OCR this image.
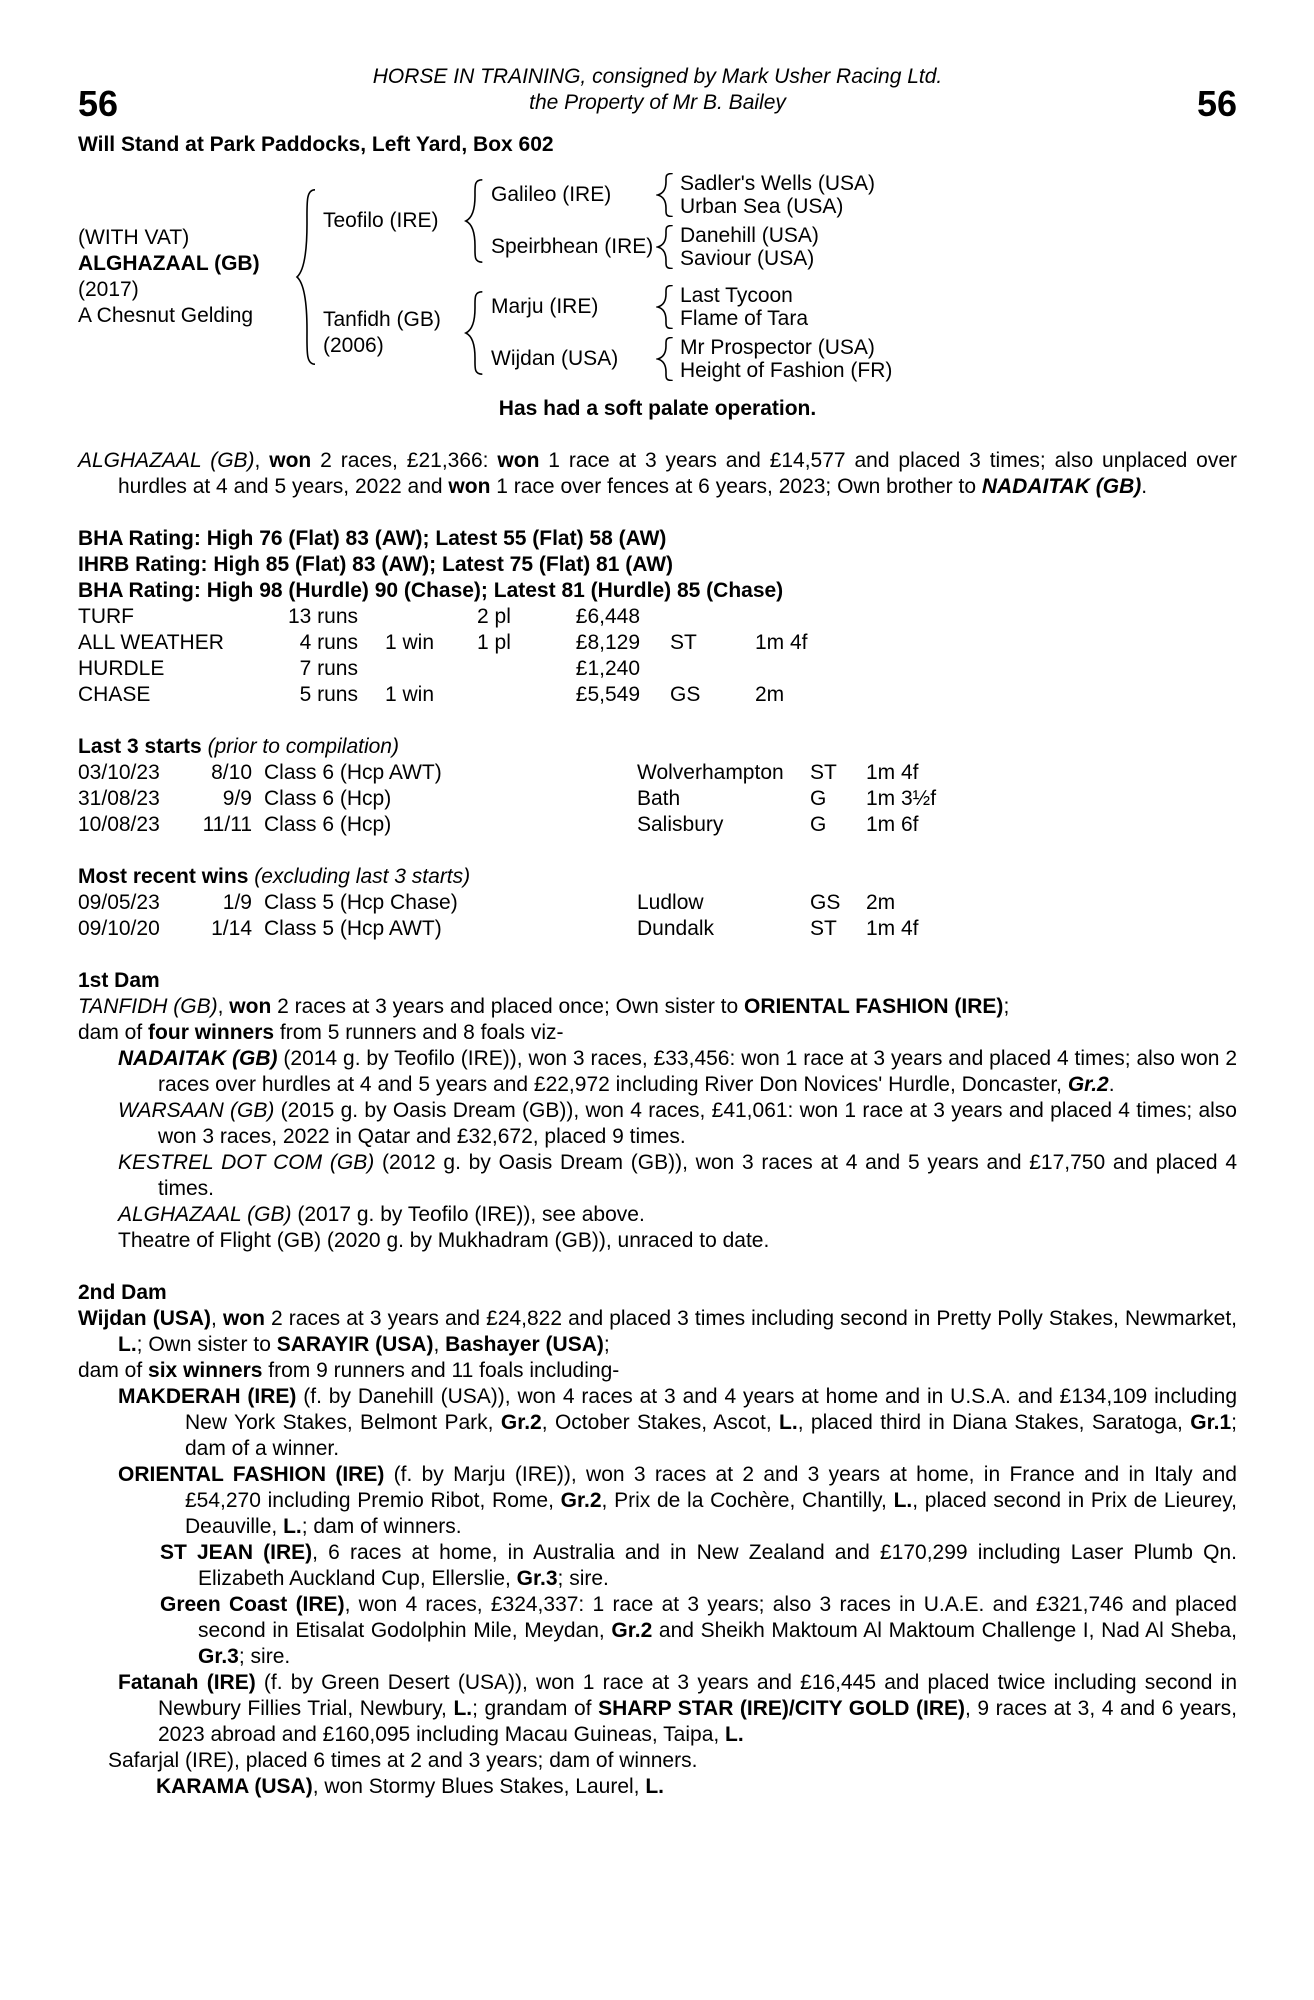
HORSE IN TRAINING, consigned by Mark Usher Racing Ltd.
the Property of Mr B. Bailey
56	56
Will Stand at Park Paddocks, Left Yard, Box 602
(WITH VAT)
ALGHAZAAL (GB)
(2017)
A Chesnut Gelding
Teofilo (IRE)
Galileo (IRE)	Sadler's Wells (USA)
Urban Sea (USA)
Speirbhean (IRE) Danehill (USA)
Saviour (USA)
Tanfidh (GB)
(2006)
Marju (IRE)	Last Tycoon
Flame of Tara
Wijdan (USA)	Mr Prospector (USA)
Height of Fashion (FR)
Has had a soft palate operation.
ALGHAZAAL (GB), won 2 races, £21,366: won 1 race at 3 years and £14,577 and placed 3 times; also unplaced over hurdles at 4 and 5 years, 2022 and won 1 race over fences at 6 years, 2023; Own brother to NADAITAK (GB).
BHA Rating: High 76 (Flat) 83 (AW); Latest 55 (Flat) 58 (AW)
IHRB Rating: High 85 (Flat) 83 (AW); Latest 75 (Flat) 81 (AW)
BHA Rating: High 98 (Hurdle) 90 (Chase); Latest 81 (Hurdle) 85 (Chase)
TURF	13 runs	2 pl	£6,448
ALL WEATHER	4 runs	1 win	1 pl	£8,129	ST	1m 4f
HURDLE	7 runs	£1,240
CHASE	5 runs	1 win	£5,549	GS	2m
Last 3 starts (prior to compilation)
03/10/23	8/10 Class 6 (Hcp AWT)	Wolverhampton	ST	1m 4f
31/08/23	9/9 Class 6 (Hcp)	Bath	G	1m 3½f
10/08/23	11/11 Class 6 (Hcp)	Salisbury	G	1m 6f
Most recent wins (excluding last 3 starts)
09/05/23	1/9 Class 5 (Hcp Chase)	Ludlow	GS	2m
09/10/20	1/14 Class 5 (Hcp AWT)	Dundalk	ST	1m 4f
1st Dam
TANFIDH (GB), won 2 races at 3 years and placed once; Own sister to ORIENTAL FASHION (IRE);
dam of four winners from 5 runners and 8 foals viz-
NADAITAK (GB) (2014 g. by Teofilo (IRE)), won 3 races, £33,456: won 1 race at 3 years and placed 4 times; also won 2 races over hurdles at 4 and 5 years and £22,972 including River Don Novices' Hurdle, Doncaster, Gr.2.
WARSAAN (GB) (2015 g. by Oasis Dream (GB)), won 4 races, £41,061: won 1 race at 3 years and placed 4 times; also won 3 races, 2022 in Qatar and £32,672, placed 9 times.
KESTREL DOT COM (GB) (2012 g. by Oasis Dream (GB)), won 3 races at 4 and 5 years and £17,750 and placed 4 times.
ALGHAZAAL (GB) (2017 g. by Teofilo (IRE)), see above.
Theatre of Flight (GB) (2020 g. by Mukhadram (GB)), unraced to date.
2nd Dam
Wijdan (USA), won 2 races at 3 years and £24,822 and placed 3 times including second in Pretty Polly Stakes, Newmarket, L.; Own sister to SARAYIR (USA), Bashayer (USA);
dam of six winners from 9 runners and 11 foals including-
MAKDERAH (IRE) (f. by Danehill (USA)), won 4 races at 3 and 4 years at home and in U.S.A. and £134,109 including New York Stakes, Belmont Park, Gr.2, October Stakes, Ascot, L., placed third in Diana Stakes, Saratoga, Gr.1; dam of a winner.
ORIENTAL FASHION (IRE) (f. by Marju (IRE)), won 3 races at 2 and 3 years at home, in France and in Italy and £54,270 including Premio Ribot, Rome, Gr.2, Prix de la Cochère, Chantilly, L., placed second in Prix de Lieurey, Deauville, L.; dam of winners.
ST JEAN (IRE), 6 races at home, in Australia and in New Zealand and £170,299 including Laser Plumb Qn. Elizabeth Auckland Cup, Ellerslie, Gr.3; sire.
Green Coast (IRE), won 4 races, £324,337: 1 race at 3 years; also 3 races in U.A.E. and £321,746 and placed second in Etisalat Godolphin Mile, Meydan, Gr.2 and Sheikh Maktoum Al Maktoum Challenge I, Nad Al Sheba, Gr.3; sire.
Fatanah (IRE) (f. by Green Desert (USA)), won 1 race at 3 years and £16,445 and placed twice including second in Newbury Fillies Trial, Newbury, L.; grandam of SHARP STAR (IRE)/CITY GOLD (IRE), 9 races at 3, 4 and 6 years, 2023 abroad and £160,095 including Macau Guineas, Taipa, L.
Safarjal (IRE), placed 6 times at 2 and 3 years; dam of winners.
KARAMA (USA), won Stormy Blues Stakes, Laurel, L.
